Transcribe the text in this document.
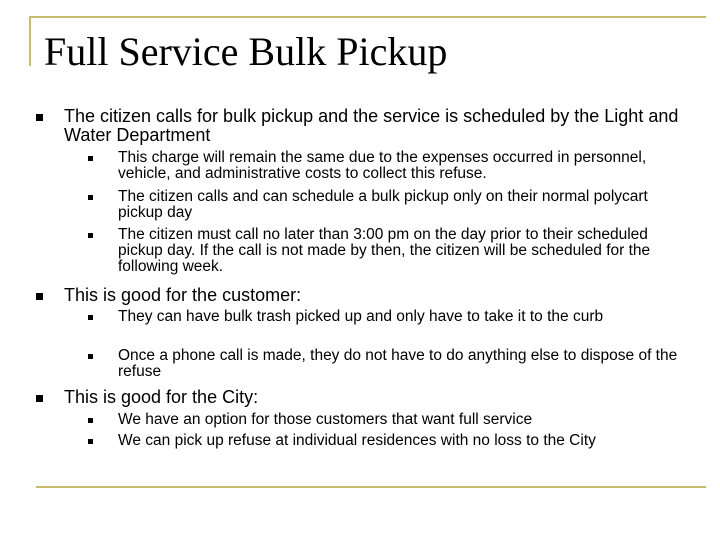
Full Service Bulk Pickup
The citizen calls for bulk pickup and the service is scheduled by the Light and Water Department
This charge will remain the same due to the expenses occurred in personnel, vehicle, and administrative costs to collect this refuse.
The citizen calls and can schedule a bulk pickup only on their normal polycart pickup day
The citizen must call no later than 3:00 pm on the day prior to their scheduled pickup day. If the call is not made by then, the citizen will be scheduled for the following week.
This is good for the customer:
They can have bulk trash picked up and only have to take it to the curb
Once a phone call is made, they do not have to do anything else to dispose of the refuse
This is good for the City:
We have an option for those customers that want full service
We can pick up refuse at individual residences with no loss to the City
